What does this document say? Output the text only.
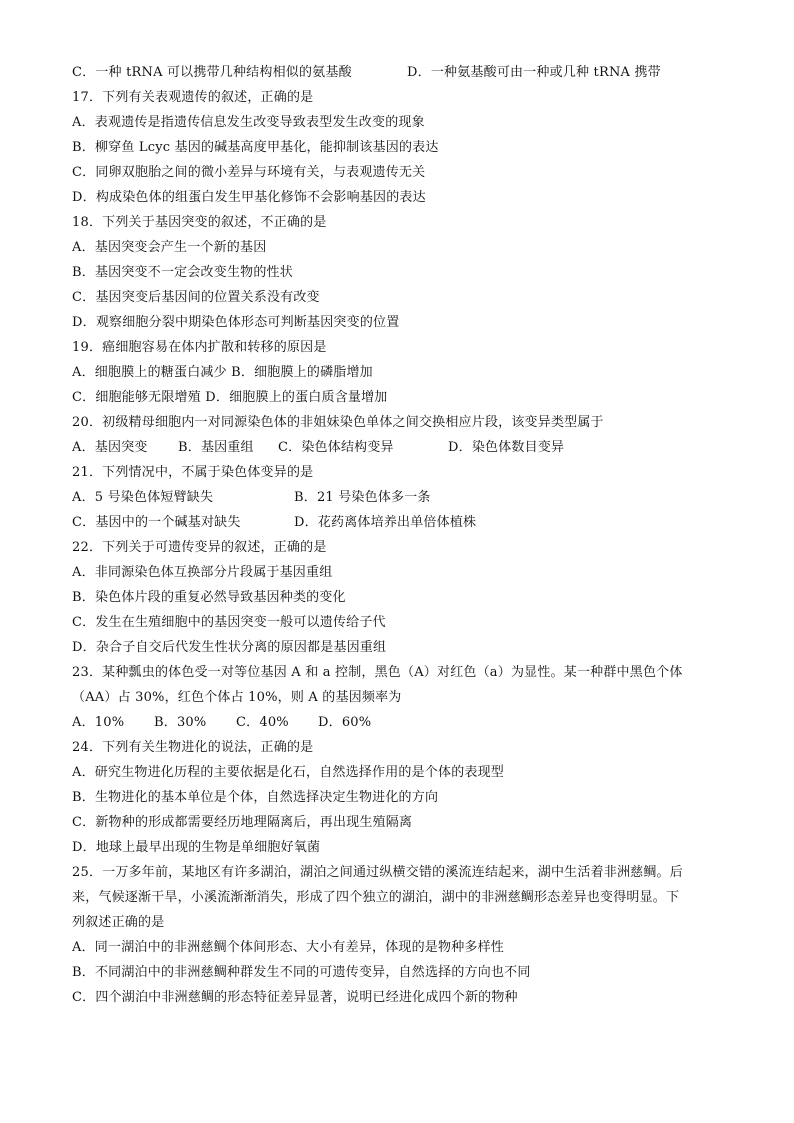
C．一种 tRNA 可以携带几种结构相似的氨基酸	D．一种氨基酸可由一种或几种 tRNA 携带
17．下列有关表观遗传的叙述，正确的是
A．表观遗传是指遗传信息发生改变导致表型发生改变的现象
B．柳穿鱼 Lcyc 基因的碱基高度甲基化，能抑制该基因的表达
C．同卵双胞胎之间的微小差异与环境有关，与表观遗传无关
D．构成染色体的组蛋白发生甲基化修饰不会影响基因的表达
18．下列关于基因突变的叙述，不正确的是
A．基因突变会产生一个新的基因
B．基因突变不一定会改变生物的性状
C．基因突变后基因间的位置关系没有改变
D．观察细胞分裂中期染色体形态可判断基因突变的位置
19．癌细胞容易在体内扩散和转移的原因是
A．细胞膜上的糖蛋白减少 B．细胞膜上的磷脂增加
C．细胞能够无限增殖 D．细胞膜上的蛋白质含量增加
20．初级精母细胞内一对同源染色体的非姐妹染色单体之间交换相应片段，该变异类型属于
A．基因突变	B．基因重组	C．染色体结构变异	D．染色体数目变异
21．下列情况中，不属于染色体变异的是
A．5 号染色体短臂缺失	B．21 号染色体多一条
C．基因中的一个碱基对缺失	D．花药离体培养出单倍体植株
22．下列关于可遗传变异的叙述，正确的是
A．非同源染色体互换部分片段属于基因重组
B．染色体片段的重复必然导致基因种类的变化
C．发生在生殖细胞中的基因突变一般可以遗传给子代
D．杂合子自交后代发生性状分离的原因都是基因重组
23．某种瓢虫的体色受一对等位基因 A 和 a 控制，黑色（A）对红色（a）为显性。某一种群中黑色个体
（AA）占 30%，红色个体占 10%，则 A 的基因频率为
A．10%	B．30%	C．40%	D．60%
24．下列有关生物进化的说法，正确的是
A．研究生物进化历程的主要依据是化石，自然选择作用的是个体的表现型
B．生物进化的基本单位是个体，自然选择决定生物进化的方向
C．新物种的形成都需要经历地理隔离后，再出现生殖隔离
D．地球上最早出现的生物是单细胞好氧菌
25．一万多年前，某地区有许多湖泊，湖泊之间通过纵横交错的溪流连结起来，湖中生活着非洲慈鲷。后
来，气候逐渐干旱，小溪流渐渐消失，形成了四个独立的湖泊，湖中的非洲慈鲷形态差异也变得明显。下
列叙述正确的是
A．同一湖泊中的非洲慈鲷个体间形态、大小有差异，体现的是物种多样性
B．不同湖泊中的非洲慈鲷种群发生不同的可遗传变异，自然选择的方向也不同
C．四个湖泊中非洲慈鲷的形态特征差异显著，说明已经进化成四个新的物种
